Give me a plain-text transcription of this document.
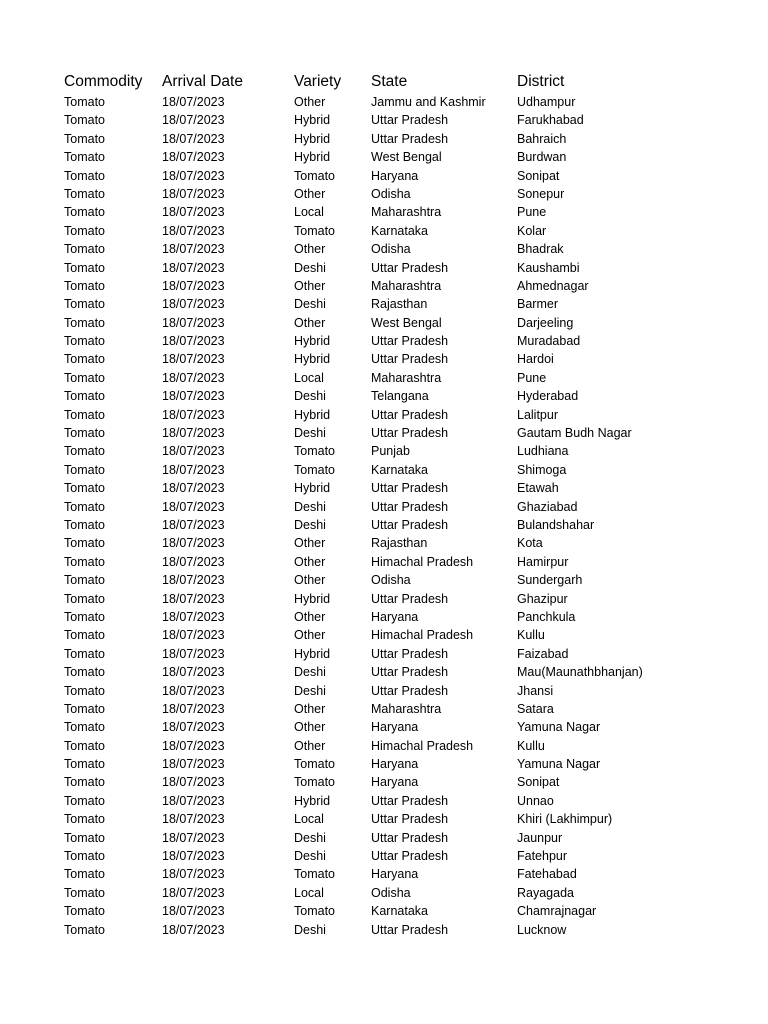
Commodity	Arrival Date	Variety	State	District
Tomato	18/07/2023	Other	Jammu and Kashmir	Udhampur
Tomato	18/07/2023	Hybrid	Uttar Pradesh	Farukhabad
Tomato	18/07/2023	Hybrid	Uttar Pradesh	Bahraich
Tomato	18/07/2023	Hybrid	West Bengal	Burdwan
Tomato	18/07/2023	Tomato	Haryana	Sonipat
Tomato	18/07/2023	Other	Odisha	Sonepur
Tomato	18/07/2023	Local	Maharashtra	Pune
Tomato	18/07/2023	Tomato	Karnataka	Kolar
Tomato	18/07/2023	Other	Odisha	Bhadrak
Tomato	18/07/2023	Deshi	Uttar Pradesh	Kaushambi
Tomato	18/07/2023	Other	Maharashtra	Ahmednagar
Tomato	18/07/2023	Deshi	Rajasthan	Barmer
Tomato	18/07/2023	Other	West Bengal	Darjeeling
Tomato	18/07/2023	Hybrid	Uttar Pradesh	Muradabad
Tomato	18/07/2023	Hybrid	Uttar Pradesh	Hardoi
Tomato	18/07/2023	Local	Maharashtra	Pune
Tomato	18/07/2023	Deshi	Telangana	Hyderabad
Tomato	18/07/2023	Hybrid	Uttar Pradesh	Lalitpur
Tomato	18/07/2023	Deshi	Uttar Pradesh	Gautam Budh Nagar
Tomato	18/07/2023	Tomato	Punjab	Ludhiana
Tomato	18/07/2023	Tomato	Karnataka	Shimoga
Tomato	18/07/2023	Hybrid	Uttar Pradesh	Etawah
Tomato	18/07/2023	Deshi	Uttar Pradesh	Ghaziabad
Tomato	18/07/2023	Deshi	Uttar Pradesh	Bulandshahar
Tomato	18/07/2023	Other	Rajasthan	Kota
Tomato	18/07/2023	Other	Himachal Pradesh	Hamirpur
Tomato	18/07/2023	Other	Odisha	Sundergarh
Tomato	18/07/2023	Hybrid	Uttar Pradesh	Ghazipur
Tomato	18/07/2023	Other	Haryana	Panchkula
Tomato	18/07/2023	Other	Himachal Pradesh	Kullu
Tomato	18/07/2023	Hybrid	Uttar Pradesh	Faizabad
Tomato	18/07/2023	Deshi	Uttar Pradesh	Mau(Maunathbhanjan)
Tomato	18/07/2023	Deshi	Uttar Pradesh	Jhansi
Tomato	18/07/2023	Other	Maharashtra	Satara
Tomato	18/07/2023	Other	Haryana	Yamuna Nagar
Tomato	18/07/2023	Other	Himachal Pradesh	Kullu
Tomato	18/07/2023	Tomato	Haryana	Yamuna Nagar
Tomato	18/07/2023	Tomato	Haryana	Sonipat
Tomato	18/07/2023	Hybrid	Uttar Pradesh	Unnao
Tomato	18/07/2023	Local	Uttar Pradesh	Khiri (Lakhimpur)
Tomato	18/07/2023	Deshi	Uttar Pradesh	Jaunpur
Tomato	18/07/2023	Deshi	Uttar Pradesh	Fatehpur
Tomato	18/07/2023	Tomato	Haryana	Fatehabad
Tomato	18/07/2023	Local	Odisha	Rayagada
Tomato	18/07/2023	Tomato	Karnataka	Chamrajnagar
Tomato	18/07/2023	Deshi	Uttar Pradesh	Lucknow
